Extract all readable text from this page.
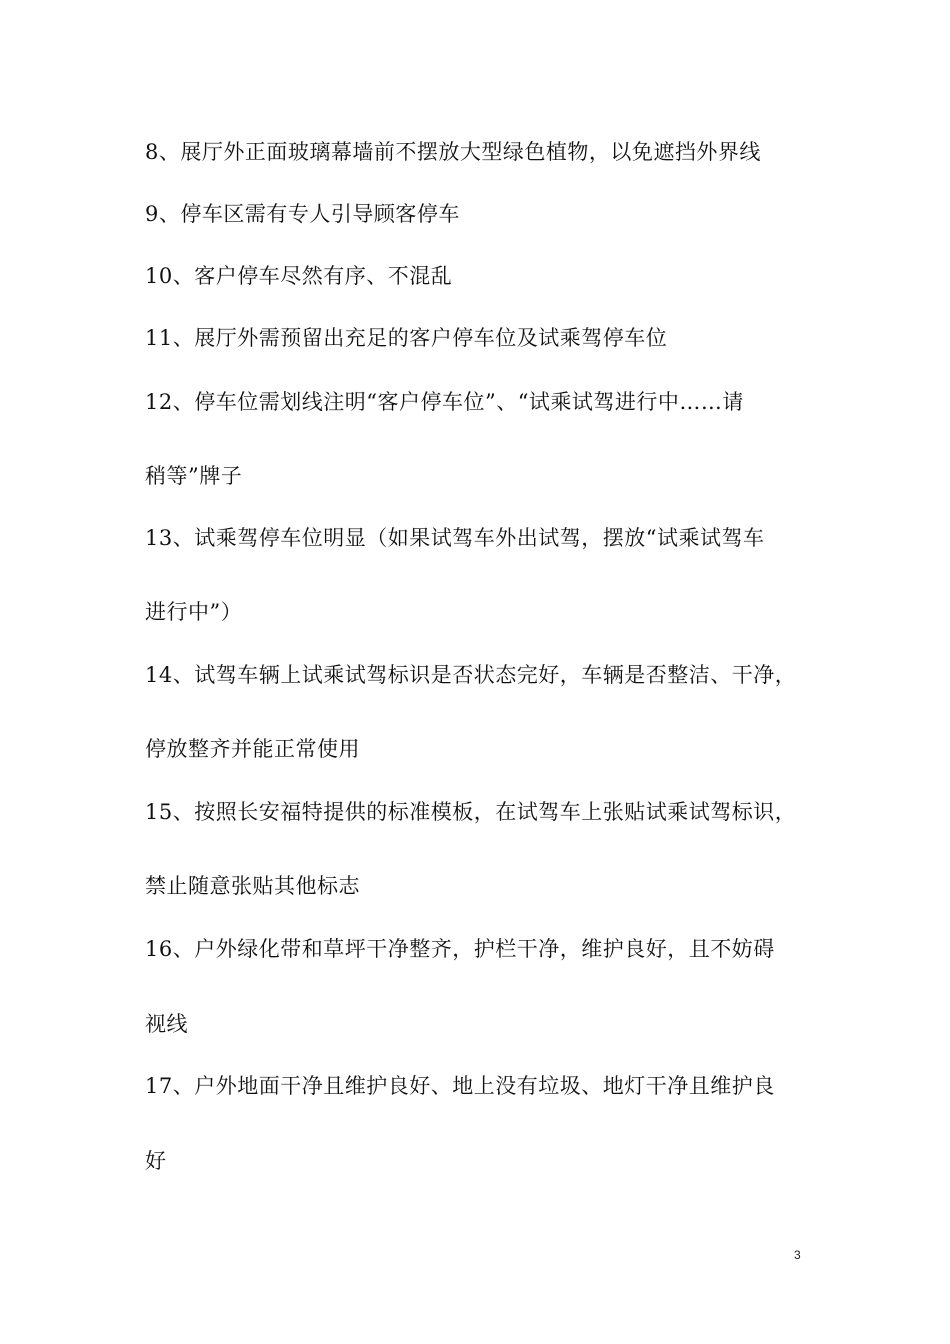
8、展厅外正面玻璃幕墙前不摆放大型绿色植物，以免遮挡外界线
9、停车区需有专人引导顾客停车
10、客户停车尽然有序、不混乱
11、展厅外需预留出充足的客户停车位及试乘驾停车位
12、停车位需划线注明“客户停车位”、“试乘试驾进行中……请
稍等”牌子
13、试乘驾停车位明显（如果试驾车外出试驾，摆放“试乘试驾车
进行中”）
14、试驾车辆上试乘试驾标识是否状态完好，车辆是否整洁、干净，
停放整齐并能正常使用
15、按照长安福特提供的标准模板，在试驾车上张贴试乘试驾标识，
禁止随意张贴其他标志
16、户外绿化带和草坪干净整齐，护栏干净，维护良好，且不妨碍
视线
17、户外地面干净且维护良好、地上没有垃圾、地灯干净且维护良
好
3
